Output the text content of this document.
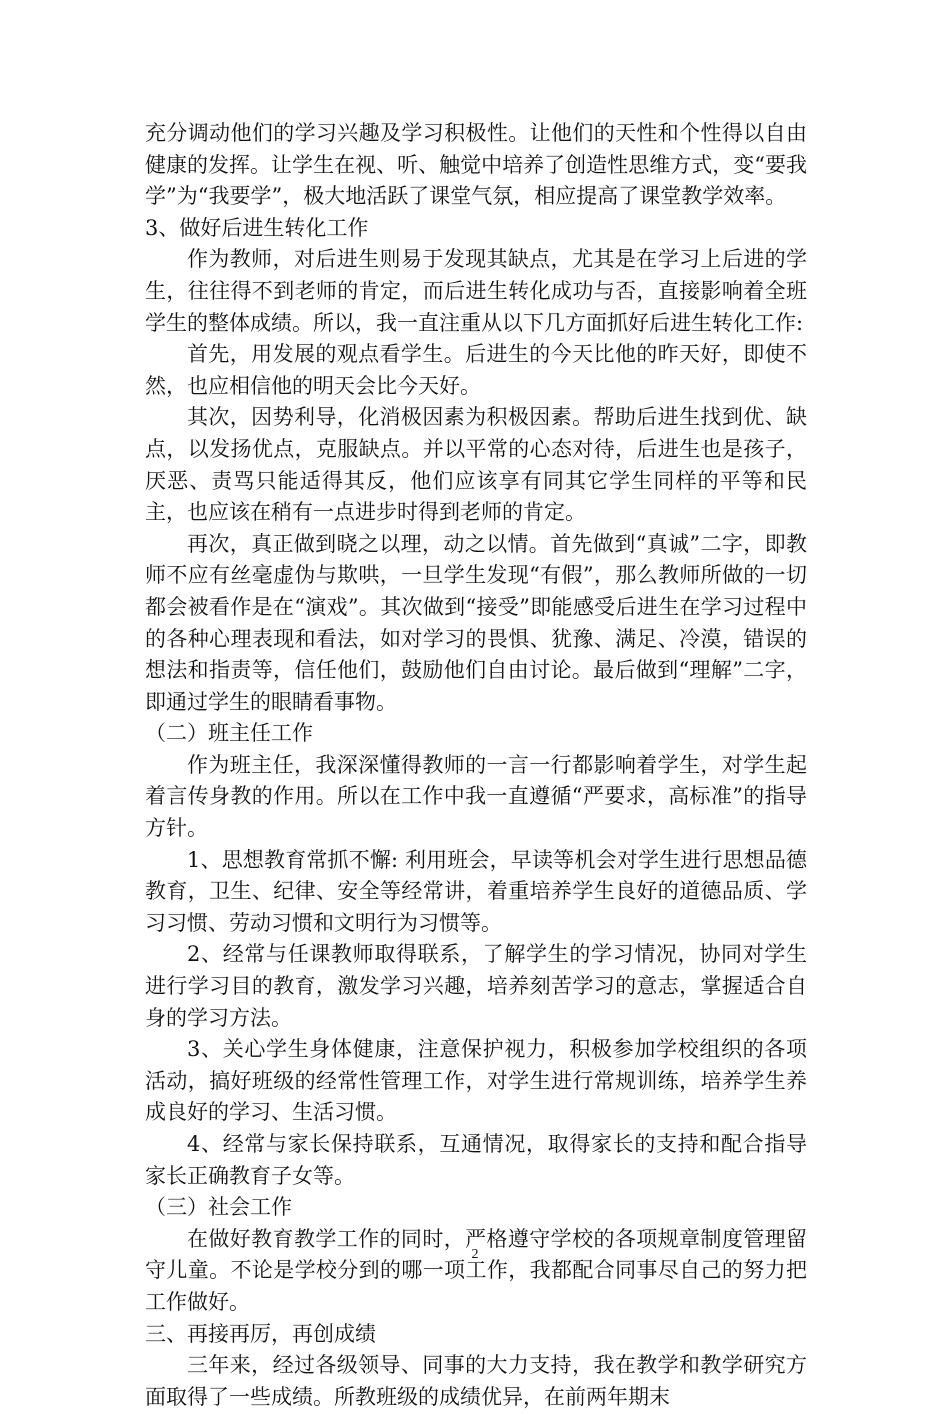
充分调动他们的学习兴趣及学习积极性。让他们的天性和个性得以自由健康的发挥。让学生在视、听、触觉中培养了创造性思维方式，变“要我学”为“我要学”，极大地活跃了课堂气氛，相应提高了课堂教学效率。

3、做好后进生转化工作

作为教师，对后进生则易于发现其缺点，尤其是在学习上后进的学生，往往得不到老师的肯定，而后进生转化成功与否，直接影响着全班学生的整体成绩。所以，我一直注重从以下几方面抓好后进生转化工作:

首先，用发展的观点看学生。后进生的今天比他的昨天好，即使不然，也应相信他的明天会比今天好。

其次，因势利导，化消极因素为积极因素。帮助后进生找到优、缺点，以发扬优点，克服缺点。并以平常的心态对待，后进生也是孩子，厌恶、责骂只能适得其反，他们应该享有同其它学生同样的平等和民主，也应该在稍有一点进步时得到老师的肯定。

再次，真正做到晓之以理，动之以情。首先做到“真诚”二字，即教师不应有丝毫虚伪与欺哄，一旦学生发现“有假”，那么教师所做的一切都会被看作是在“演戏”。其次做到“接受”即能感受后进生在学习过程中的各种心理表现和看法，如对学习的畏惧、犹豫、满足、冷漠，错误的想法和指责等，信任他们，鼓励他们自由讨论。最后做到“理解”二字，即通过学生的眼睛看事物。

（二）班主任工作

作为班主任，我深深懂得教师的一言一行都影响着学生，对学生起着言传身教的作用。所以在工作中我一直遵循“严要求，高标准”的指导方针。

1、思想教育常抓不懈: 利用班会，早读等机会对学生进行思想品德教育，卫生、纪律、安全等经常讲，着重培养学生良好的道德品质、学习习惯、劳动习惯和文明行为习惯等。

2、经常与任课教师取得联系，了解学生的学习情况，协同对学生进行学习目的教育，激发学习兴趣，培养刻苦学习的意志，掌握适合自身的学习方法。

3、关心学生身体健康，注意保护视力，积极参加学校组织的各项活动，搞好班级的经常性管理工作，对学生进行常规训练，培养学生养成良好的学习、生活习惯。

4、经常与家长保持联系，互通情况，取得家长的支持和配合指导家长正确教育子女等。

（三）社会工作

在做好教育教学工作的同时，严格遵守学校的各项规章制度管理留守儿童。不论是学校分到的哪一项工作，我都配合同事尽自己的努力把工作做好。

三、再接再厉，再创成绩

三年来，经过各级领导、同事的大力支持，我在教学和教学研究方面取得了一些成绩。所教班级的成绩优异，在前两年期末

2
